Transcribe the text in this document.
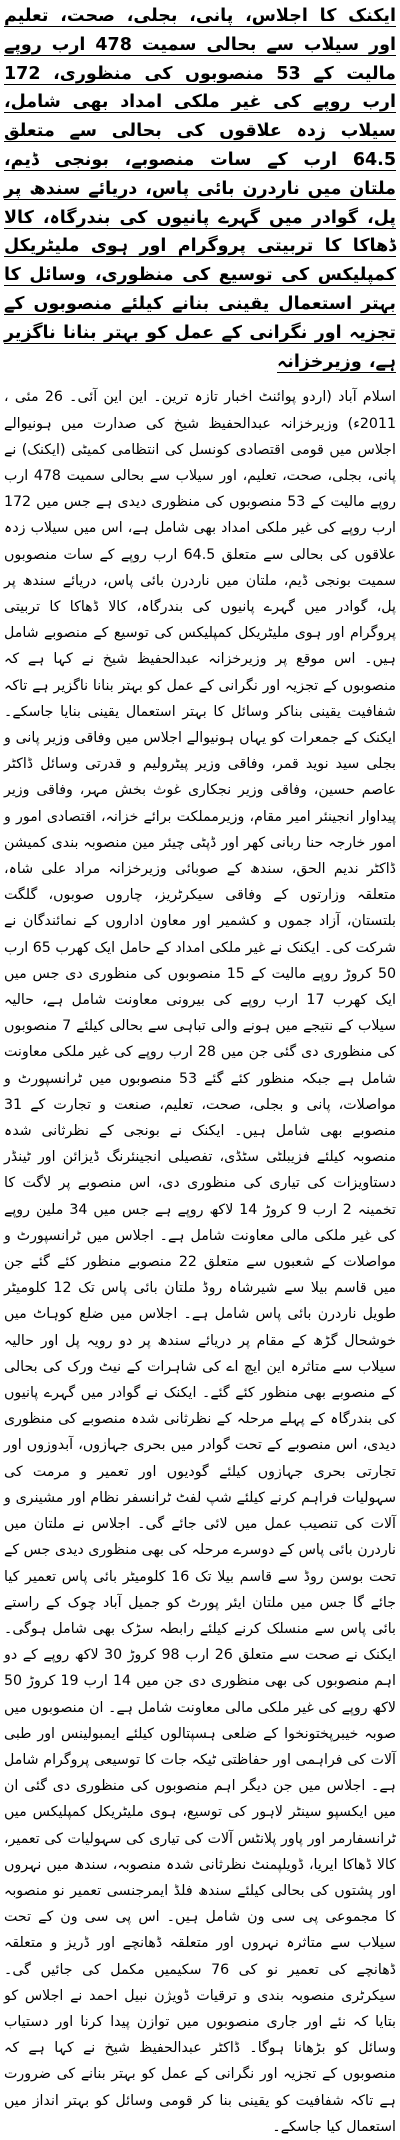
ایکنک کا اجلاس، پانی، بجلی، صحت، تعلیم اور سیلاب سے بحالی سمیت 478 ارب روپے مالیت کے 53 منصوبوں کی منظوری، 172 ارب روپے کی غیر ملکی امداد بھی شامل، سیلاب زدہ علاقوں کی بحالی سے متعلق 64.5 ارب کے سات منصوبے، بونجی ڈیم، ملتان میں ناردرن بائی پاس، دریائے سندھ پر پل، گوادر میں گہرے پانیوں کی بندرگاہ، کالا ڈھاکا کا تربیتی پروگرام اور ہوی ملیٹریکل کمپلیکس کی توسیع کی منظوری، وسائل کا بہتر استعمال یقینی بنانے کیلئے منصوبوں کے تجزیہ اور نگرانی کے عمل کو بہتر بنانا ناگزیر ہے، وزیرخزانہ

اسلام آباد (اردو پوائنٹ اخبار تازہ ترین۔ این این آئی۔ 26 مئی ، 2011ء) وزیرخزانہ عبدالحفیظ شیخ کی صدارت میں ہونیوالے اجلاس میں قومی اقتصادی کونسل کی انتظامی کمیٹی (ایکنک) نے پانی، بجلی، صحت، تعلیم، اور سیلاب سے بحالی سمیت 478 ارب روپے مالیت کے 53 منصوبوں کی منظوری دیدی ہے جس میں 172 ارب روپے کی غیر ملکی امداد بھی شامل ہے، اس میں سیلاب زدہ علاقوں کی بحالی سے متعلق 64.5 ارب روپے کے سات منصوبوں سمیت بونجی ڈیم، ملتان میں ناردرن بائی پاس، دریائے سندھ پر پل، گوادر میں گہرے پانیوں کی بندرگاہ، کالا ڈھاکا کا تربیتی پروگرام اور ہوی ملیٹریکل کمپلیکس کی توسیع کے منصوبے شامل ہیں۔ اس موقع پر وزیرخزانہ عبدالحفیظ شیخ نے کہا ہے کہ منصوبوں کے تجزیہ اور نگرانی کے عمل کو بہتر بنانا ناگزیر ہے تاکہ شفافیت یقینی بناکر وسائل کا بہتر استعمال یقینی بنایا جاسکے۔ ایکنک کے جمعرات کو یہاں ہونیوالے اجلاس میں وفاقی وزیر پانی و بجلی سید نوید قمر، وفاقی وزیر پیٹرولیم و قدرتی وسائل ڈاکٹر عاصم حسین، وفاقی وزیر نجکاری غوث بخش مہر، وفاقی وزیر پیداوار انجینئر امیر مقام، وزیرمملکت برائے خزانہ، اقتصادی امور و امور خارجہ حنا ربانی کھر اور ڈپٹی چیئر مین منصوبہ بندی کمیشن ڈاکٹر ندیم الحق، سندھ کے صوبائی وزیرخزانہ مراد علی شاہ، متعلقہ وزارتوں کے وفاقی سیکرٹریز، چاروں صوبوں، گلگت بلتستان، آزاد جموں و کشمیر اور معاون اداروں کے نمائندگان نے شرکت کی۔ ایکنک نے غیر ملکی امداد کے حامل ایک کھرب 65 ارب 50 کروڑ روپے مالیت کے 15 منصوبوں کی منظوری دی جس میں ایک کھرب 17 ارب روپے کی بیرونی معاونت شامل ہے، حالیہ سیلاب کے نتیجے میں ہونے والی تباہی سے بحالی کیلئے 7 منصوبوں کی منظوری دی گئی جن میں 28 ارب روپے کی غیر ملکی معاونت شامل ہے جبکہ منظور کئے گئے 53 منصوبوں میں ٹرانسپورٹ و مواصلات، پانی و بجلی، صحت، تعلیم، صنعت و تجارت کے 31 منصوبے بھی شامل ہیں۔ ایکنک نے بونجی کے نظرثانی شدہ منصوبہ کیلئے فزیبلٹی سٹڈی، تفصیلی انجینئرنگ ڈیزائن اور ٹینڈر دستاویزات کی تیاری کی منظوری دی، اس منصوبے پر لاگت کا تخمینہ 2 ارب 9 کروڑ 14 لاکھ روپے ہے جس میں 34 ملین روپے کی غیر ملکی مالی معاونت شامل ہے۔ اجلاس میں ٹرانسپورٹ و مواصلات کے شعبوں سے متعلق 22 منصوبے منظور کئے گئے جن میں قاسم بیلا سے شیرشاہ روڈ ملتان بائی پاس تک 12 کلومیٹر طویل ناردرن بائی پاس شامل ہے۔ اجلاس میں ضلع کوہاٹ میں خوشحال گڑھ کے مقام پر دریائے سندھ پر دو رویہ پل اور حالیہ سیلاب سے متاثرہ این ایچ اے کی شاہرات کے نیٹ ورک کی بحالی کے منصوبے بھی منظور کئے گئے۔ ایکنک نے گوادر میں گہرے پانیوں کی بندرگاہ کے پہلے مرحلہ کے نظرثانی شدہ منصوبے کی منظوری دیدی، اس منصوبے کے تحت گوادر میں بحری جہازوں، آبدوزوں اور تجارتی بحری جہازوں کیلئے گودیوں اور تعمیر و مرمت کی سہولیات فراہم کرنے کیلئے شپ لفٹ ٹرانسفر نظام اور مشینری و آلات کی تنصیب عمل میں لائی جائے گی۔ اجلاس نے ملتان میں ناردرن بائی پاس کے دوسرے مرحلہ کی بھی منظوری دیدی جس کے تحت بوسن روڈ سے قاسم بیلا تک 16 کلومیٹر بائی پاس تعمیر کیا جائے گا جس میں ملتان ایئر پورٹ کو جمیل آباد چوک کے راستے بائی پاس سے منسلک کرنے کیلئے رابطہ سڑک بھی شامل ہوگی۔ ایکنک نے صحت سے متعلق 26 ارب 98 کروڑ 30 لاکھ روپے کے دو اہم منصوبوں کی بھی منظوری دی جن میں 14 ارب 19 کروڑ 50 لاکھ روپے کی غیر ملکی مالی معاونت شامل ہے۔ ان منصوبوں میں صوبہ خیبرپختونخوا کے ضلعی ہسپتالوں کیلئے ایمبولینس اور طبی آلات کی فراہمی اور حفاظتی ٹیکہ جات کا توسیعی پروگرام شامل ہے۔ اجلاس میں جن دیگر اہم منصوبوں کی منظوری دی گئی ان میں ایکسپو سینٹر لاہور کی توسیع، ہوی ملیٹریکل کمپلیکس میں ٹرانسفارمر اور پاور پلانٹس آلات کی تیاری کی سہولیات کی تعمیر، کالا ڈھاکا ایریا، ڈویلپمنٹ نظرثانی شدہ منصوبہ، سندھ میں نہروں اور پشتوں کی بحالی کیلئے سندھ فلڈ ایمرجنسی تعمیر نو منصوبہ کا مجموعی پی سی ون شامل ہیں۔ اس پی سی ون کے تحت سیلاب سے متاثرہ نہروں اور متعلقہ ڈھانچے اور ڈریز و متعلقہ ڈھانچے کی تعمیر نو کی 76 سکیمیں مکمل کی جائیں گی۔ سیکرٹری منصوبہ بندی و ترقیات ڈویژن نبیل احمد نے اجلاس کو بتایا کہ نئے اور جاری منصوبوں میں توازن پیدا کرنا اور دستیاب وسائل کو بڑھانا ہوگا۔ ڈاکٹر عبدالحفیظ شیخ نے کہا ہے کہ منصوبوں کے تجزیہ اور نگرانی کے عمل کو بہتر بنانے کی ضرورت ہے تاکہ شفافیت کو یقینی بنا کر قومی وسائل کو بہتر انداز میں استعمال کیا جاسکے۔
